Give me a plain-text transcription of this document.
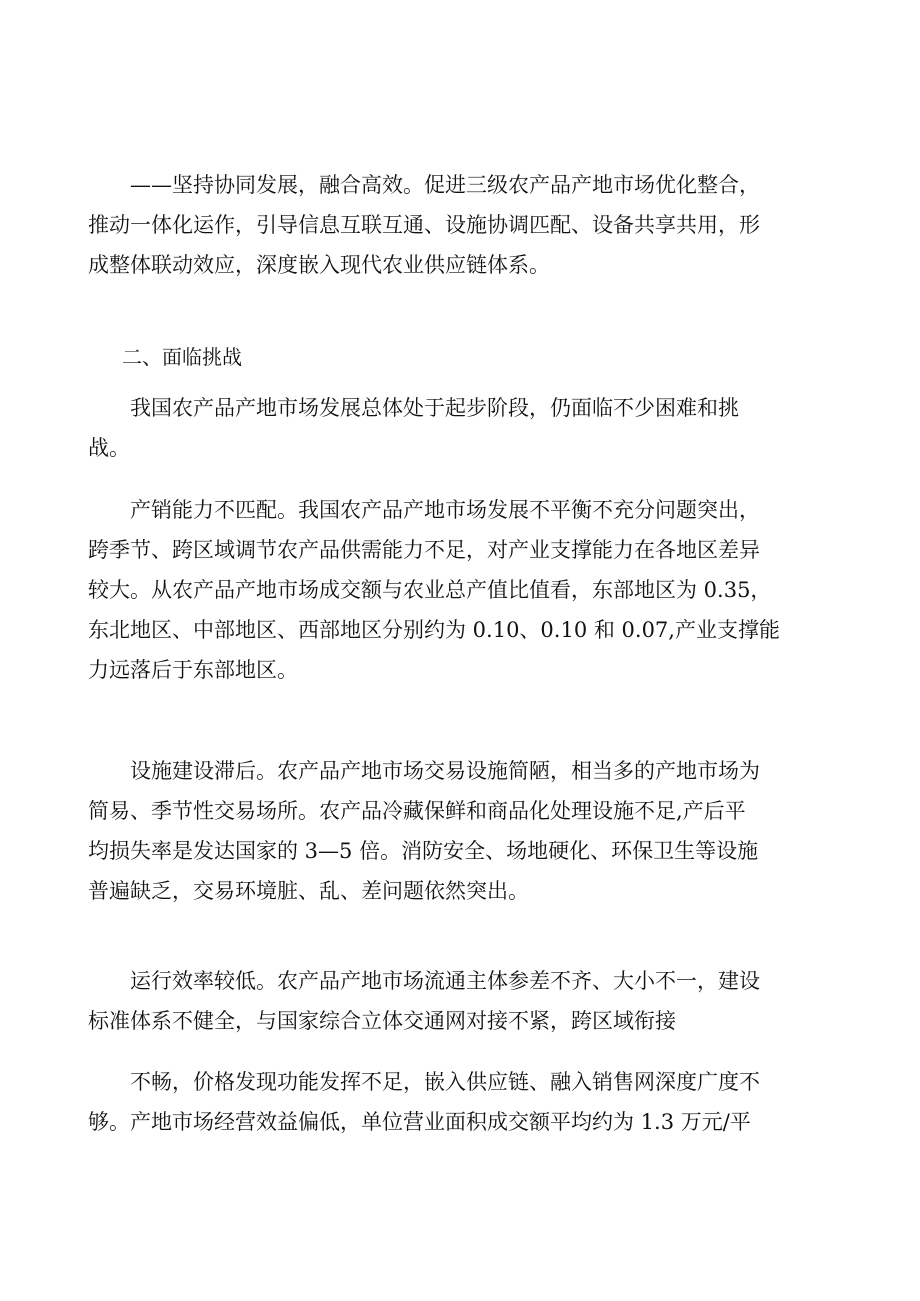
——坚持协同发展，融合高效。促进三级农产品产地市场优化整合，
推动一体化运作，引导信息互联互通、设施协调匹配、设备共享共用，形
成整体联动效应，深度嵌入现代农业供应链体系。
二、面临挑战
我国农产品产地市场发展总体处于起步阶段，仍面临不少困难和挑
战。
产销能力不匹配。我国农产品产地市场发展不平衡不充分问题突出，
跨季节、跨区域调节农产品供需能力不足，对产业支撑能力在各地区差异
较大。从农产品产地市场成交额与农业总产值比值看，东部地区为 0.35，
东北地区、中部地区、西部地区分别约为 0.10、0.10 和 0.07,产业支撑能
力远落后于东部地区。
设施建设滞后。农产品产地市场交易设施简陋，相当多的产地市场为
简易、季节性交易场所。农产品冷藏保鲜和商品化处理设施不足,产后平
均损失率是发达国家的 3—5 倍。消防安全、场地硬化、环保卫生等设施
普遍缺乏，交易环境脏、乱、差问题依然突出。
运行效率较低。农产品产地市场流通主体参差不齐、大小不一，建设
标准体系不健全，与国家综合立体交通网对接不紧，跨区域衔接
不畅，价格发现功能发挥不足，嵌入供应链、融入销售网深度广度不
够。产地市场经营效益偏低，单位营业面积成交额平均约为 1.3 万元/平
